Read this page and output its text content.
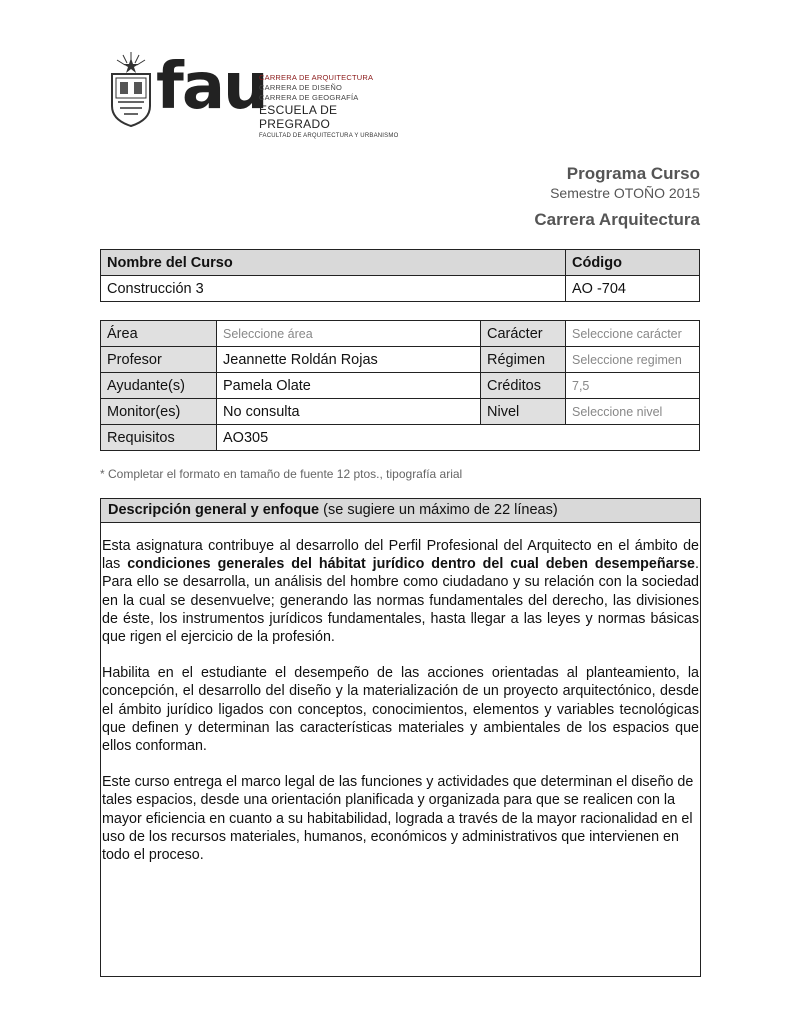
fau
CARRERA DE ARQUITECTURA
CARRERA DE DISEÑO
CARRERA DE GEOGRAFÍA
ESCUELA DE PREGRADO
FACULTAD DE ARQUITECTURA Y URBANISMO
Programa Curso
Semestre OTOÑO 2015
Carrera Arquitectura
Nombre del Curso	Código
Construcción 3	AO -704
Área	Seleccione área	Carácter	Seleccione carácter
Profesor	Jeannette Roldán Rojas	Régimen	Seleccione regimen
Ayudante(s)	Pamela Olate	Créditos	7,5
Monitor(es)	No consulta	Nivel	Seleccione nivel
Requisitos	AO305		
* Completar el formato en tamaño de fuente 12 ptos., tipografía arial
Descripción general y enfoque (se sugiere un máximo de 22 líneas)

Esta asignatura contribuye al desarrollo del Perfil Profesional del Arquitecto en el ámbito de las condiciones generales del hábitat jurídico dentro del cual deben desempeñarse. Para ello se desarrolla, un análisis del hombre como ciudadano y su relación con la sociedad en la cual se desenvuelve; generando las normas fundamentales del derecho, las divisiones de éste, los instrumentos jurídicos fundamentales, hasta llegar a las leyes y normas básicas que rigen el ejercicio de la profesión.

Habilita en el estudiante el desempeño de las acciones orientadas al planteamiento, la concepción, el desarrollo del diseño y la materialización de un proyecto arquitectónico, desde el ámbito jurídico ligados con conceptos, conocimientos, elementos y variables tecnológicas que definen y determinan las características materiales y ambientales de los espacios que ellos conforman.

Este curso entrega el marco legal de las funciones y actividades que determinan el diseño de tales espacios, desde una orientación planificada y organizada para que se realicen con la mayor eficiencia en cuanto a su habitabilidad, lograda a través de la mayor racionalidad en el uso de los recursos materiales, humanos, económicos y administrativos que intervienen en todo el proceso.
